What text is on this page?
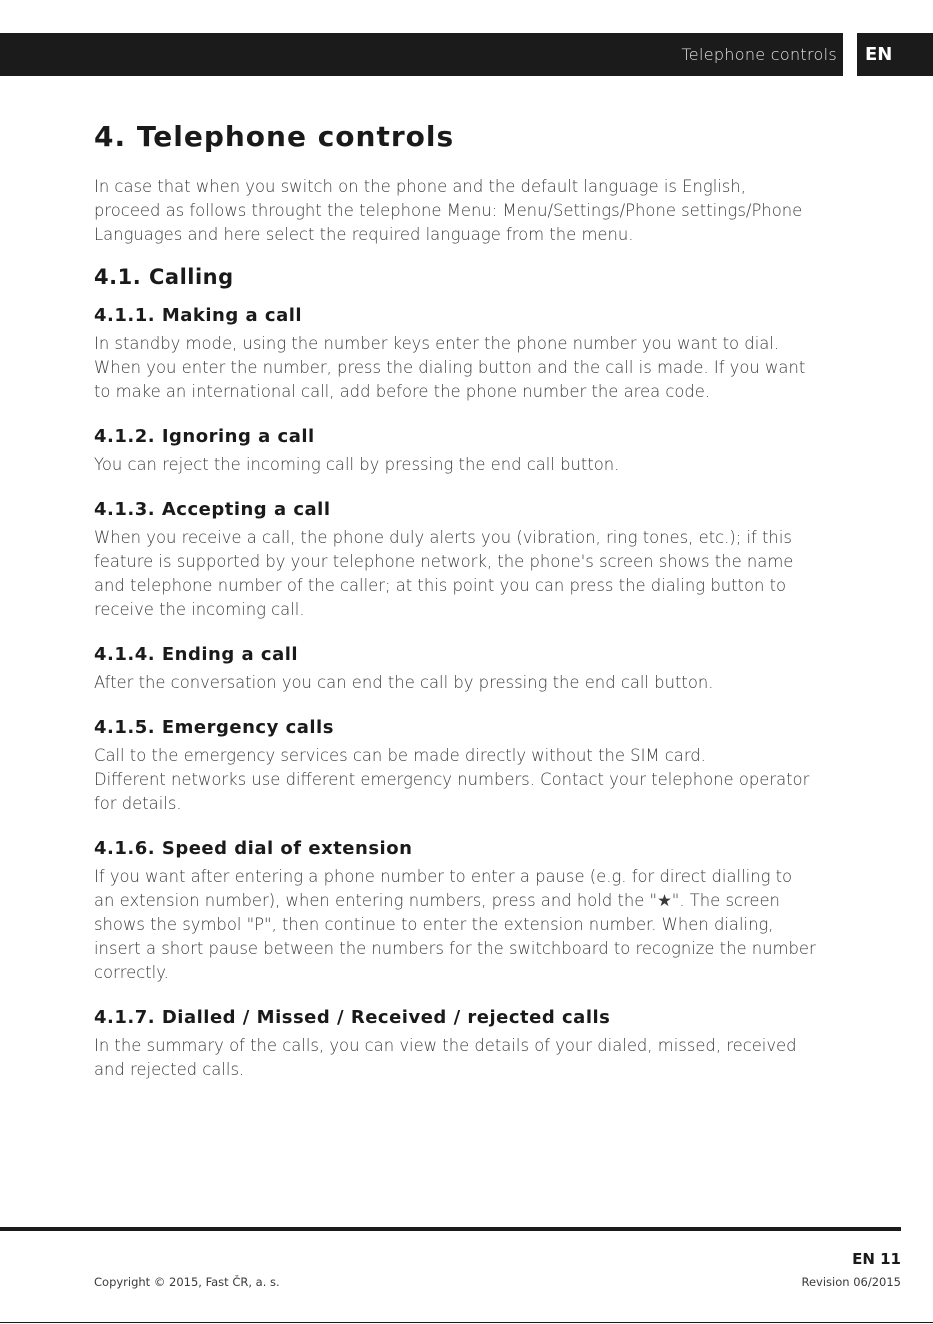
Telephone controls EN
4. Telephone controls

In case that when you switch on the phone and the default language is English,
proceed as follows throught the telephone Menu: Menu/Settings/Phone settings/Phone
Languages and here select the required language from the menu.

4.1. Calling
4.1.1. Making a call

In standby mode, using the number keys enter the phone number you want to dial.
When you enter the number, press the dialing button and the call is made. If you want
to make an international call, add before the phone number the area code.

4.1.2. Ignoring a call

You can reject the incoming call by pressing the end call button.

4.1.3. Accepting a call

When you receive a call, the phone duly alerts you (vibration, ring tones, etc.); if this
feature is supported by your telephone network, the phone's screen shows the name
and telephone number of the caller; at this point you can press the dialing button to
receive the incoming call.

4.1.4. Ending a call

After the conversation you can end the call by pressing the end call button.

4.1.5. Emergency calls

Call to the emergency services can be made directly without the SIM card.
Different networks use different emergency numbers. Contact your telephone operator
for details.

4.1.6. Speed dial of extension

If you want after entering a phone number to enter a pause (e.g. for direct dialling to
an extension number), when entering numbers, press and hold the "★". The screen
shows the symbol "P", then continue to enter the extension number. When dialing,
insert a short pause between the numbers for the switchboard to recognize the number
correctly.

4.1.7. Dialled / Missed / Received / rejected calls

In the summary of the calls, you can view the details of your dialed, missed, received
and rejected calls.

EN 11
Copyright © 2015, Fast ČR, a. s.	Revision 06/2015
